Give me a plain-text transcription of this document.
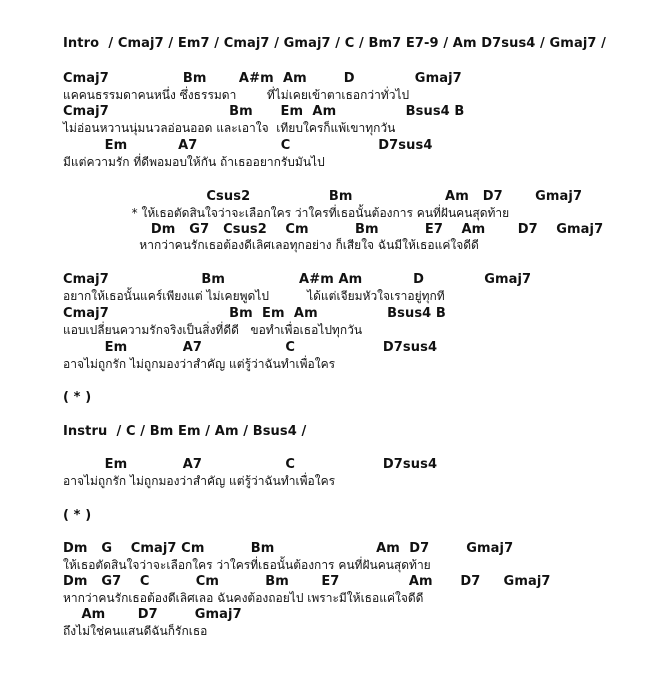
Intro  / Cmaj7 / Em7 / Cmaj7 / Gmaj7 / C / Bm7 E7-9 / Am D7sus4 / Gmaj7 /
Cmaj7                Bm       A#m  Am        D             Gmaj7
แคคนธรรมดาคนหนึ่ง ซึ่งธรรมดา        ที่ไม่เคยเข้าตาเธอกว่าทั่วไป
Cmaj7                          Bm      Em  Am               Bsus4 B
ไม่อ่อนหวานนุ่มนวลอ่อนออด และเอาใจ  เทียบใครก็แพ้เขาทุกวัน
Em           A7                  C                   D7sus4
มีแต่ความรัก ที่ดีพอมอบให้กัน ถ้าเธออยากรับมันไป
Csus2                 Bm                    Am   D7       Gmaj7
* ให้เธอตัดสินใจว่าจะเลือกใคร ว่าใครที่เธอนั้นต้องการ คนที่ฝันคนสุดท้าย
Dm   G7   Csus2    Cm          Bm          E7    Am       D7    Gmaj7
หากว่าคนรักเธอต้องดีเลิศเลอทุกอย่าง ก็เสียใจ ฉันมีให้เธอแค่ใจดีดี
Cmaj7                    Bm                A#m Am           D             Gmaj7
อยากให้เธอนั้นแคร์เพียงแต่ ไม่เคยพูดไป          ได้แต่เจียมหัวใจเราอยู่ทุกที
Cmaj7                          Bm  Em  Am               Bsus4 B
แอบเปลี่ยนความรักจริงเป็นสิ่งที่ดีดี   ขอทำเพื่อเธอไปทุกวัน
Em            A7                  C                   D7sus4
อาจไม่ถูกรัก ไม่ถูกมองว่าสำคัญ แต่รู้ว่าฉันทำเพื่อใคร
( * )
Instru  / C / Bm Em / Am / Bsus4 /
Em            A7                  C                   D7sus4
อาจไม่ถูกรัก ไม่ถูกมองว่าสำคัญ แต่รู้ว่าฉันทำเพื่อใคร
( * )
Dm   G    Cmaj7 Cm          Bm                      Am  D7        Gmaj7
ให้เธอตัดสินใจว่าจะเลือกใคร ว่าใครที่เธอนั้นต้องการ คนที่ฝันคนสุดท้าย
Dm   G7    C          Cm          Bm       E7               Am      D7     Gmaj7
หากว่าคนรักเธอต้องดีเลิศเลอ ฉันคงต้องถอยไป เพราะมีให้เธอแค่ใจดีดี
Am       D7        Gmaj7
ถึงไม่ใช่คนแสนดีฉันก็รักเธอ
